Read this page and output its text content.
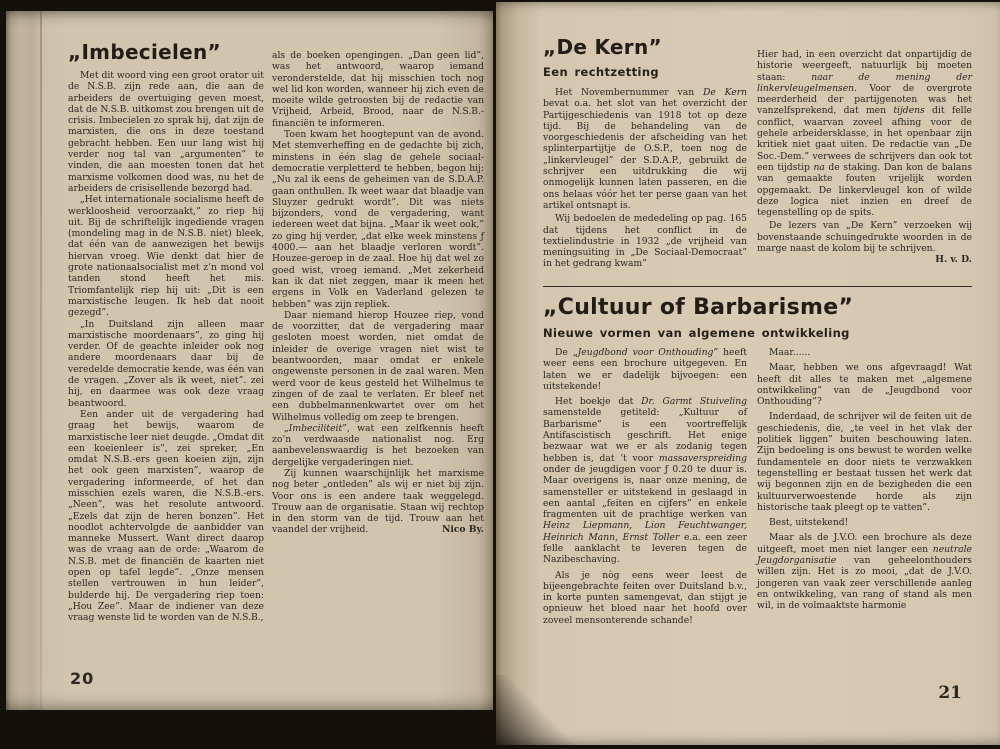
„Imbecielen”

Met dit woord ving een groot orator uit de N.S.B. zijn rede aan, die aan de arbeiders de overtuiging geven moest, dat de N.S.B. uitkomst zou brengen uit de crisis. Imbecielen zo sprak hij, dat zijn de marxisten, die ons in deze toestand gebracht hebben. Een uur lang wist hij verder nog tal van „argumenten” te vinden, die aan moesten tonen dat het marxisme volkomen dood was, nu het de arbeiders de crisisellende bezorgd had.

„Het internationale socialisme heeft de werkloosheid veroorzaakt,” zo riep hij uit. Bij de schriftelijk ingediende vragen (mondeling mag in de N.S.B. niet) bleek, dat één van de aanwezigen het bewijs hiervan vroeg. Wie denkt dat hier de grote nationaalsocialist met z’n mond vol tanden stond heeft het mis. Triomfantelijk riep hij uit: „Dit is een marxistische leugen. Ik heb dat nooit gezegd”.

„In Duitsland zijn alleen maar marxistische moordenaars”, zo ging hij verder. Of de geachte inleider ook nog andere moordenaars daar bij de veredelde democratie kende, was één van de vragen. „Zover als ik weet, niet”. zei hij, en daarmee was ook deze vraag beantwoord.

Een ander uit de vergadering had graag het bewijs, waarom de marxistische leer niet deugde. „Omdat dit een koeienleer is”, zei spreker, „En omdat N.S.B.-ers geen koeien zijn, zijn het ook geen marxisten”, waarop de vergadering informeerde, of het dan misschien ezels waren, die N.S.B.-ers. „Neen”, was het resolute antwoord. „Ezels dat zijn de heren bonzen”. Het noodlot achtervolgde de aanbidder van manneke Mussert. Want direct daarop was de vraag aan de orde: „Waarom de N.S.B. met de financiën de kaarten niet open op tafel legde”. „Onze mensen stellen vertrouwen in hun leider”, bulderde hij. De vergadering riep toen: „Hou Zee”. Maar de indiener van deze vraag wenste lid te worden van de N.S.B.,

als de boeken opengingen. „Dan geen lid”, was het antwoord, waarop iemand veronderstelde, dat hij misschien toch nog wel lid kon worden, wanneer hij zich even de moeite wilde getroosten bij de redactie van Vrijheid, Arbeid, Brood, naar de N.S.B.-financiën te informeren.

Toen kwam het hoogtepunt van de avond. Met stemverheffing en de gedachte bij zich, minstens in één slag de gehele sociaal-democratie verpletterd te hebben, begon hij: „Nu zal ik eens de geheimen van de S.D.A.P. gaan onthullen. Ik weet waar dat blaadje van Sluyzer gedrukt wordt”. Dit was niets bijzonders, vond de vergadering, want iedereen weet dat bijna. „Maar ik weet ook,” zo ging hij verder, „dat elke week minstens ƒ 4000.— aan het blaadje verloren wordt”. Houzee-geroep in de zaal. Hoe hij dat wel zo goed wist, vroeg iemand. „Met zekerheid kan ik dat niet zeggen, maar ik meen het ergens in Volk en Vaderland gelezen te hebben” was zijn repliek.

Daar niemand hierop Houzee riep, vond de voorzitter, dat de vergadering maar gesloten moest worden, niet omdat de inleider de overige vragen niet wist te beantwoorden, maar omdat er enkele ongewenste personen in de zaal waren. Men werd voor de keus gesteld het Wilhelmus te zingen of de zaal te verlaten. Er bleef net een dubbelmannenkwartet over om het Wilhelmus volledig om zeep te brengen.

„Imbeciliteit”, wat een zelfkennis heeft zo’n verdwaasde nationalist nog. Erg aanbevelenswaardig is het bezoeken van dergelijke vergaderingen niet.

Zij kunnen waarschijnlijk het marxisme nog beter „ontleden” als wij er niet bij zijn. Voor ons is een andere taak weggelegd. Trouw aan de organisatie. Staan wij rechtop in den storm van de tijd. Trouw aan het vaandel der vrijheid.	Nico By.

20
„De Kern”
Een rechtzetting

Het Novembernummer van De Kern bevat o.a. het slot van het overzicht der Partijgeschiedenis van 1918 tot op deze tijd. Bij de behandeling van de voorgeschiedenis der afscheiding van het splinterpartijtje de O.S.P., toen nog de „linkervleugel” der S.D.A.P., gebruikt de schrijver een uitdrukking die wij onmogelijk kunnen laten passeren, en die ons helaas vóór het ter perse gaan van het artikel ontsnapt is.

Wij bedoelen de mededeling op pag. 165 dat tijdens het conflict in de textielindustrie in 1932 „de vrijheid van meningsuiting in „De Sociaal-Democraat” in het gedrang kwam”

Hier had, in een overzicht dat onpartijdig de historie weergeeft, natuurlijk bij moeten staan: naar de mening der linkervleugelmensen. Voor de overgrote meerderheid der partijgenoten was het vanzelfsprekend, dat men tijdens dit felle conflict, waarvan zoveel afhing voor de gehele arbeidersklasse, in het openbaar zijn kritiek niet gaat uiten. De redactie van „De Soc.-Dem.” verwees de schrijvers dan ook tot een tijdstip na de staking. Dan kon de balans van gemaakte fouten vrijelijk worden opgemaakt. De linkervleugel kon of wilde deze logica niet inzien en dreef de tegenstelling op de spits.

De lezers van „De Kern” verzoeken wij bovenstaande schuingedrukte woorden in de marge naast de kolom bij te schrijven.
H. v. D.

„Cultuur of Barbarisme”
Nieuwe vormen van algemene ontwikkeling

De „Jeugdbond voor Onthouding” heeft weer eens een brochure uitgegeven. En laten we er dadelijk bijvoegen: een uitstekende!

Het boekje dat Dr. Garmt Stuiveling samenstelde getiteld: „Kultuur of Barbarisme” is een voortreffelijk Antifascistisch geschrift. Het enige bezwaar wat we er als zodanig tegen hebben is, dat ’t voor massaverspreiding onder de jeugdigen voor ƒ 0.20 te duur is. Maar overigens is, naar onze mening, de samensteller er uitstekend in geslaagd in een aantal „feiten en cijfers” en enkele fragmenten uit de prachtige werken van Heinz Liepmann, Lion Feuchtwanger, Heinrich Mann, Ernst Toller e.a. een zeer felle aanklacht te leveren tegen de Nazibeschaving.

Als je nòg eens weer leest de bijeengebrachte feiten over Duitsland b.v., in korte punten samengevat, dan stijgt je opnieuw het bloed naar het hoofd over zoveel mensonterende schande!

Maar......

Maar, hebben we ons afgevraagd! Wat heeft dit alles te maken met „algemene ontwikkeling” van de „Jeugdbond voor Onthouding”?

Inderdaad, de schrijver wil de feiten uit de geschiedenis, die, „te veel in het vlak der politiek liggen” buiten beschouwing laten. Zijn bedoeling is ons bewust te worden welke fundamentele en door niets te verzwakken tegenstelling er bestaat tussen het werk dat wij begonnen zijn en de bezigheden die een kultuurverwoestende horde als zijn historische taak pleegt op te vatten”.

Best, uitstekend!

Maar als de J.V.O. een brochure als deze uitgeeft, moet men niet langer een neutrale Jeugdorganisatie van geheelonthouders willen zijn. Het is zo mooi, „dat de J.V.O. jongeren van vaak zeer verschillende aanleg en ontwikkeling, van rang of stand als men wil, in de volmaaktste harmonie

21
